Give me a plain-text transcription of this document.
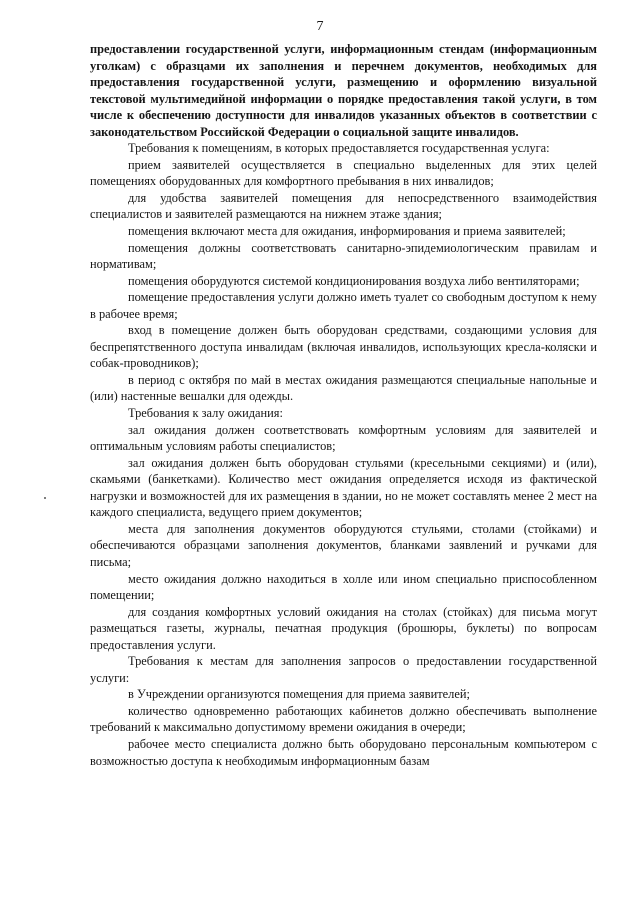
7

предоставлении государственной услуги, информационным стендам (информационным уголкам) с образцами их заполнения и перечнем документов, необходимых для предоставления государственной услуги, размещению и оформлению визуальной текстовой мультимедийной информации о порядке предоставления такой услуги, в том числе к обеспечению доступности для инвалидов указанных объектов в соответствии с законодательством Российской Федерации о социальной защите инвалидов.

Требования к помещениям, в которых предоставляется государственная услуга:

прием заявителей осуществляется в специально выделенных для этих целей помещениях оборудованных для комфортного пребывания в них инвалидов;

для удобства заявителей помещения для непосредственного взаимодействия специалистов и заявителей размещаются на нижнем этаже здания;

помещения включают места для ожидания, информирования и приема заявителей;

помещения должны соответствовать санитарно-эпидемиологическим правилам и нормативам;

помещения оборудуются системой кондиционирования воздуха либо вентиляторами;

помещение предоставления услуги должно иметь туалет со свободным доступом к нему в рабочее время;

вход в помещение должен быть оборудован средствами, создающими условия для беспрепятственного доступа инвалидам (включая инвалидов, использующих кресла-коляски и собак-проводников);

в период с октября по май в местах ожидания размещаются специальные напольные и (или) настенные вешалки для одежды.

Требования к залу ожидания:

зал ожидания должен соответствовать комфортным условиям для заявителей и оптимальным условиям работы специалистов;

зал ожидания должен быть оборудован стульями (кресельными секциями) и (или), скамьями (банкетками). Количество мест ожидания определяется исходя из фактической нагрузки и возможностей для их размещения в здании, но не может составлять менее 2 мест на каждого специалиста, ведущего прием документов;

места для заполнения документов оборудуются стульями, столами (стойками) и обеспечиваются образцами заполнения документов, бланками заявлений и ручками для письма;

место ожидания должно находиться в холле или ином специально приспособленном помещении;

для создания комфортных условий ожидания на столах (стойках) для письма могут размещаться газеты, журналы, печатная продукция (брошюры, буклеты) по вопросам предоставления услуги.

Требования к местам для заполнения запросов о предоставлении государственной услуги:

в Учреждении организуются помещения для приема заявителей;

количество одновременно работающих кабинетов должно обеспечивать выполнение требований к максимально допустимому времени ожидания в очереди;

рабочее место специалиста должно быть оборудовано персональным компьютером с возможностью доступа к необходимым информационным базам
